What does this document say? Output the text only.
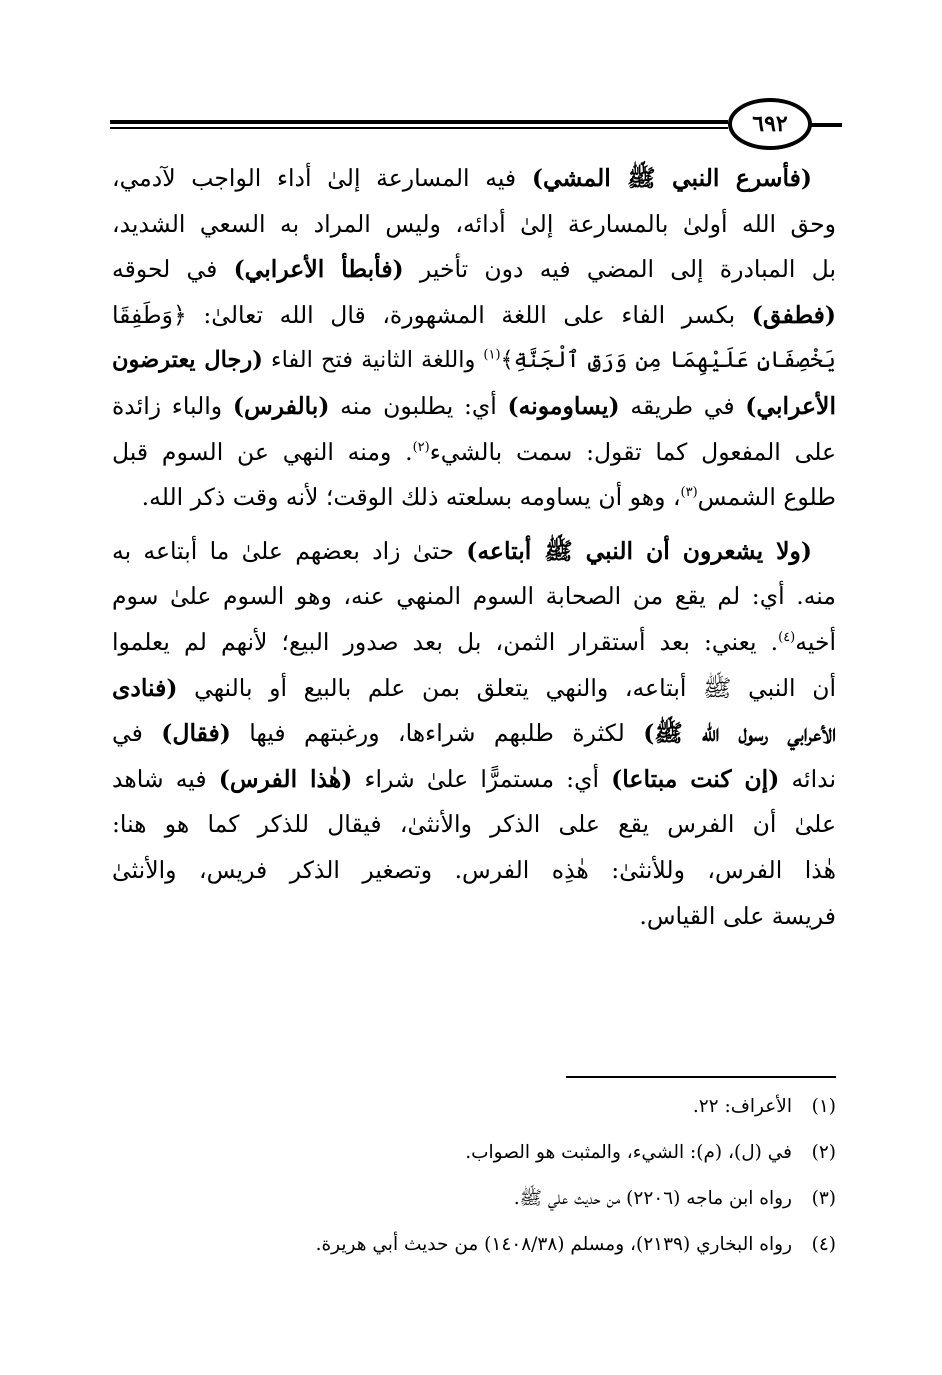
٦٩٢
(فأسرع النبي ﷺ المشي) فيه المسارعة إلىٰ أداء الواجب لآدمي،
وحق الله أولىٰ بالمسارعة إلىٰ أدائه، وليس المراد به السعي الشديد،
بل المبادرة إلى المضي فيه دون تأخير (فأبطأ الأعرابي) في لحوقه
(فطفق) بكسر الفاء على اللغة المشهورة، قال الله تعالىٰ: ﴿وَطَفِقَا
يَخْصِفَانِ عَلَيْهِمَا مِن وَرَقِ ٱلْجَنَّةِ﴾$^{(١)}$ واللغة الثانية فتح الفاء (رجال يعترضون
الأعرابي) في طريقه (يساومونه) أي: يطلبون منه (بالفرس) والباء زائدة
على المفعول كما تقول: سمت بالشيء$^{(٢)}$. ومنه النهي عن السوم قبل
طلوع الشمس$^{(٣)}$، وهو أن يساومه بسلعته ذلك الوقت؛ لأنه وقت ذكر الله.
(ولا يشعرون أن النبي ﷺ أبتاعه) حتىٰ زاد بعضهم علىٰ ما أبتاعه به
منه. أي: لم يقع من الصحابة السوم المنهي عنه، وهو السوم علىٰ سوم
أخيه$^{(٤)}$. يعني: بعد أستقرار الثمن، بل بعد صدور البيع؛ لأنهم لم يعلموا
أن النبي ﷺ أبتاعه، والنهي يتعلق بمن علم بالبيع أو بالنهي (فنادى
الأعرابي رسول الله ﷺ) لكثرة طلبهم شراءها، ورغبتهم فيها (فقال) في
ندائه (إن كنت مبتاعا) أي: مستمرًّا علىٰ شراء (هٰذا الفرس) فيه شاهد
علىٰ أن الفرس يقع على الذكر والأنثىٰ، فيقال للذكر كما هو هنا:
هٰذا الفرس، وللأنثىٰ: هٰذِه الفرس. وتصغير الذكر فريس، والأنثىٰ
فريسة على القياس.
(١)الأعراف: ٢٢.
(٢)في (ل)، (م): الشيء، والمثبت هو الصواب.
(٣)رواه ابن ماجه (٢٢٠٦) من حديث علي ﷺ.
(٤)رواه البخاري (٢١٣٩)، ومسلم (١٤٠٨/٣٨) من حديث أبي هريرة.
